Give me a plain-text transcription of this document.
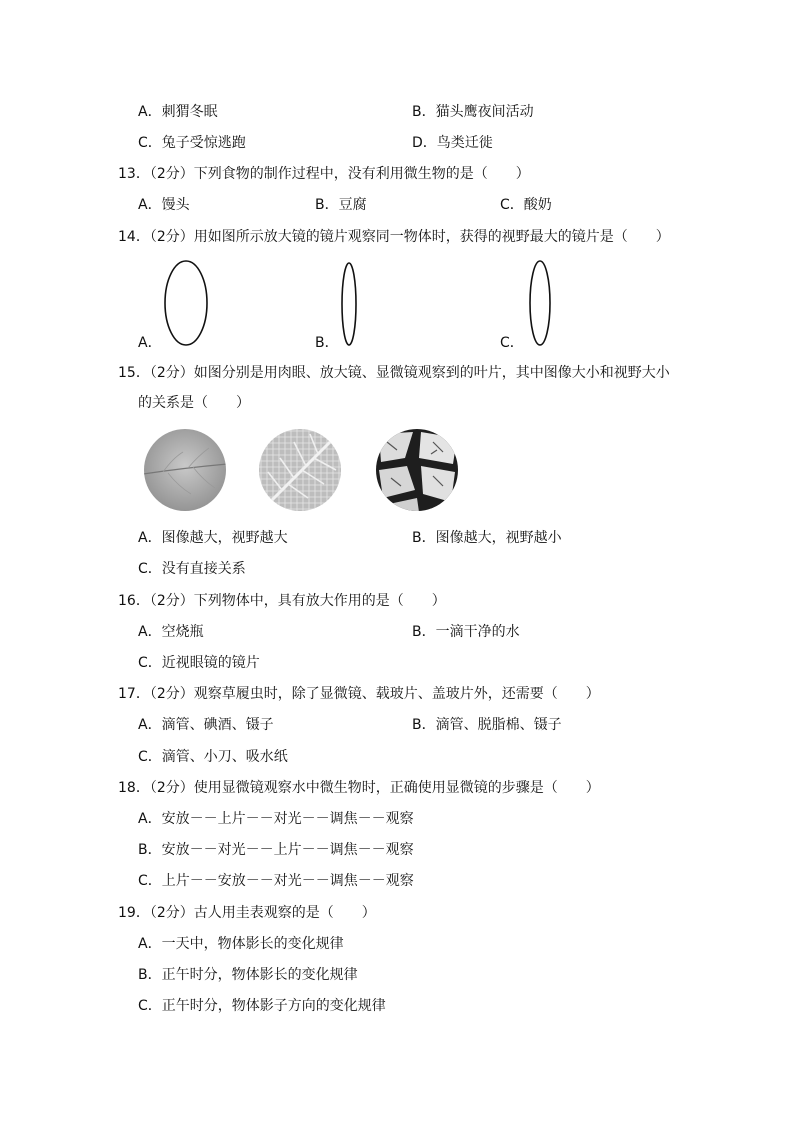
A．刺猬冬眠	B．猫头鹰夜间活动
C．兔子受惊逃跑	D．鸟类迁徙
13．（2分）下列食物的制作过程中，没有利用微生物的是（　　）
A．馒头	B．豆腐	C．酸奶
14．（2分）用如图所示放大镜的镜片观察同一物体时，获得的视野最大的镜片是（　　）
A．	B．	C．
15．（2分）如图分别是用肉眼、放大镜、显微镜观察到的叶片，其中图像大小和视野大小
的关系是（　　）
A．图像越大，视野越大	B．图像越大，视野越小
C．没有直接关系
16．（2分）下列物体中，具有放大作用的是（　　）
A．空烧瓶	B．一滴干净的水
C．近视眼镜的镜片
17．（2分）观察草履虫时，除了显微镜、载玻片、盖玻片外，还需要（　　）
A．滴管、碘酒、镊子	B．滴管、脱脂棉、镊子
C．滴管、小刀、吸水纸
18．（2分）使用显微镜观察水中微生物时，正确使用显微镜的步骤是（　　）
A．安放－－上片－－对光－－调焦－－观察
B．安放－－对光－－上片－－调焦－－观察
C．上片－－安放－－对光－－调焦－－观察
19．（2分）古人用圭表观察的是（　　）
A．一天中，物体影长的变化规律
B．正午时分，物体影长的变化规律
C．正午时分，物体影子方向的变化规律
